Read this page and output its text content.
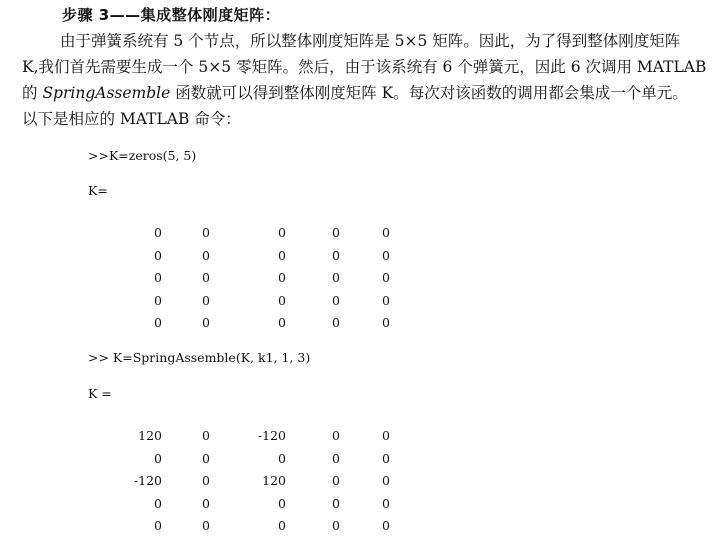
步骤 3——集成整体刚度矩阵：

由于弹簧系统有 5 个节点，所以整体刚度矩阵是 5×5 矩阵。因此，为了得到整体刚度矩阵

K,我们首先需要生成一个 5×5 零矩阵。然后，由于该系统有 6 个弹簧元，因此 6 次调用 MATLAB

的 SpringAssemble 函数就可以得到整体刚度矩阵 K。每次对该函数的调用都会集成一个单元。

以下是相应的 MATLAB 命令：

>>K=zeros(5, 5)
K=
0	0	0	0	0
0	0	0	0	0
0	0	0	0	0
0	0	0	0	0
0	0	0	0	0
>> K=SpringAssemble(K, k1, 1, 3)
K =
120	0	-120	0	0
0	0	0	0	0
-120	0	120	0	0
0	0	0	0	0
0	0	0	0	0
